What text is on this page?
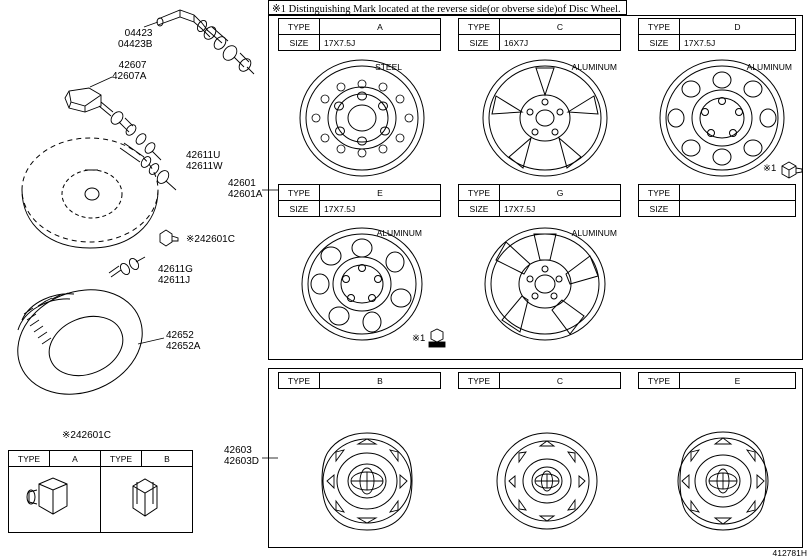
※1 Distinguishing Mark located at the reverse side(or obverse side)of Disc Wheel.
04423
04423B
42607
42607A
42611U
42611W
※242601C
42611G
42611J
42652
42652A
※242601C
TYPE	A	TYPE	B

TYPE	A
SIZE	17X7.5J
STEEL
TYPE	C
SIZE	16X7J
ALUMINUM
TYPE	D
SIZE	17X7.5J
ALUMINUM
TYPE	E
SIZE	17X7.5J
ALUMINUM
TYPE	G
SIZE	17X7.5J
ALUMINUM
TYPE	
SIZE	
※1
※1
42601
42601A
TYPE	B	TYPE	C	TYPE	E
42603
42603D
412781H
